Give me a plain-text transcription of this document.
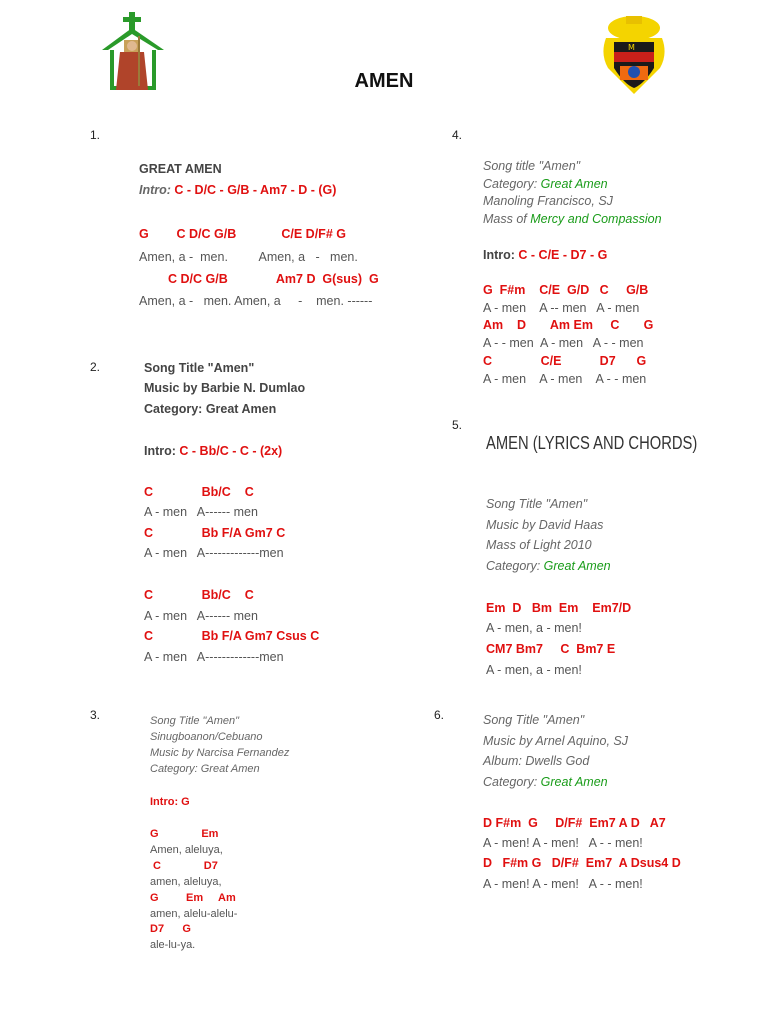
M
AMEN
1.
2.
3.
4.
5.
6.
GREAT AMEN
Intro: C - D/C - G/B - Am7 - D - (G)
G        C D/C G/B             C/E D/F# G
Amen, a -  men.         Amen, a   -   men.
C D/C G/B              Am7 D  G(sus)  G
Amen, a -   men. Amen, a     -    men. ------
Song Title "Amen"
Music by Barbie N. Dumlao
Category: Great Amen
Intro: C - Bb/C - C - (2x)
C              Bb/C    C
A - men   A------ men
C              Bb F/A Gm7 C
A - men   A-------------men
C              Bb/C    C
A - men   A------ men
C              Bb F/A Gm7 Csus C
A - men   A-------------men
Song Title "Amen"
Sinugboanon/Cebuano
Music by Narcisa Fernandez
Category: Great Amen
Intro: G
G              Em
Amen, aleluya,
C              D7
amen, aleluya,
G         Em     Am
amen, alelu-alelu-
D7      G
ale-lu-ya.
Song title "Amen"
Category: Great Amen
Manoling Francisco, SJ
Mass of Mercy and Compassion
Intro: C - C/E - D7 - G
G  F#m    C/E  G/D   C     G/B
A - men    A -- men   A - men
Am    D       Am Em     C       G
A - - men  A - men   A - - men
C              C/E           D7      G
A - men    A - men    A - - men
AMEN (LYRICS AND CHORDS)
Song Title "Amen"
Music by David Haas
Mass of Light 2010
Category: Great Amen
Em  D   Bm  Em    Em7/D
A - men, a - men!
CM7 Bm7     C  Bm7 E
A - men, a - men!
Song Title "Amen"
Music by Arnel Aquino, SJ
Album: Dwells God
Category: Great Amen
D F#m  G     D/F#  Em7 A D   A7
A - men! A - men!   A - - men!
D   F#m G   D/F#  Em7  A Dsus4 D
A - men! A - men!   A - - men!
